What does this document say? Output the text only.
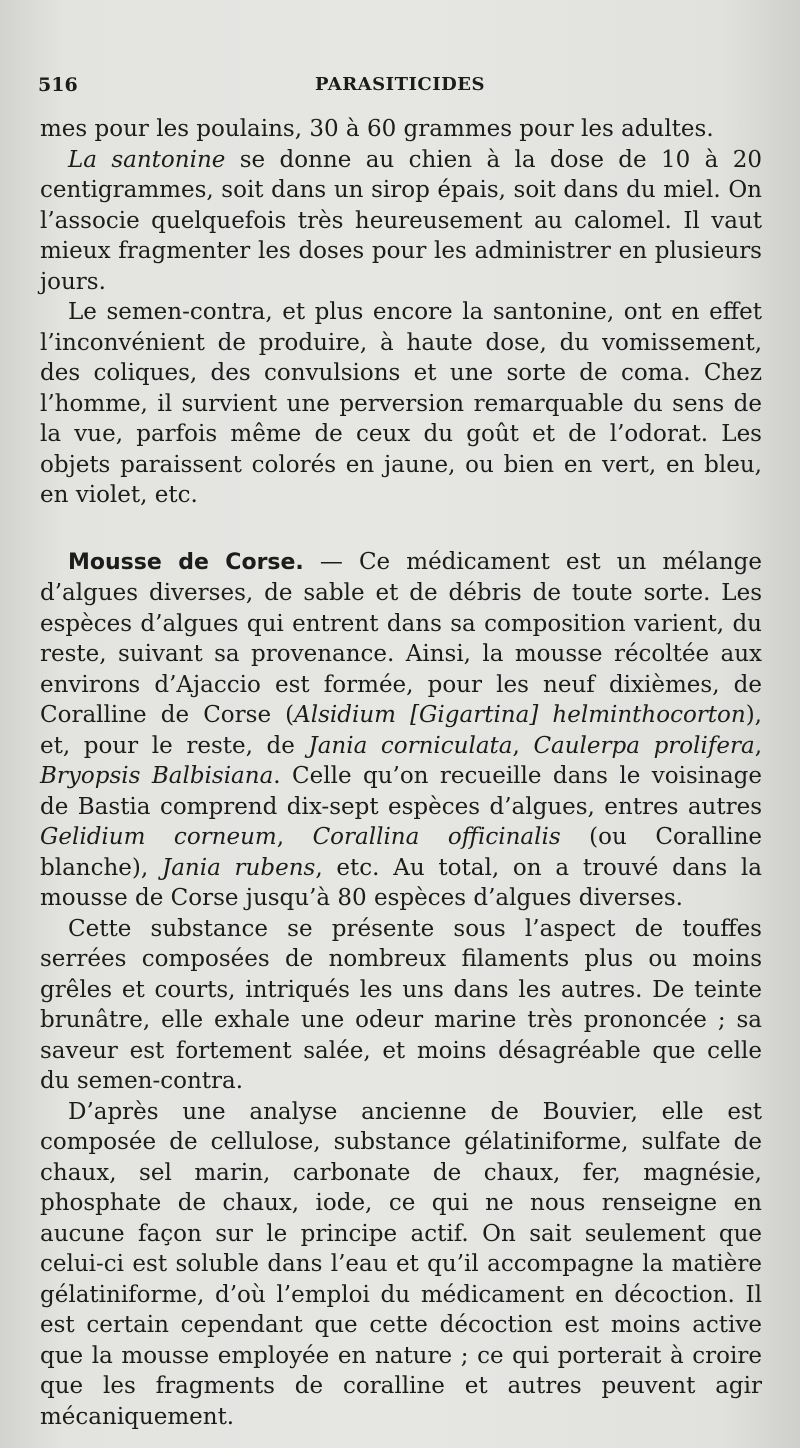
516	PARASITICIDES

mes pour les poulains, 30 à 60 grammes pour les adultes.

La santonine se donne au chien à la dose de 10 à 20 centigrammes, soit dans un sirop épais, soit dans du miel. On l’associe quelquefois très heureusement au calomel. Il vaut mieux fragmenter les doses pour les administrer en plusieurs jours.

Le semen-contra, et plus encore la santonine, ont en effet l’inconvénient de produire, à haute dose, du vomissement, des coliques, des convulsions et une sorte de coma. Chez l’homme, il survient une perversion remarquable du sens de la vue, parfois même de ceux du goût et de l’odorat. Les objets paraissent colorés en jaune, ou bien en vert, en bleu, en violet, etc.

Mousse de Corse. — Ce médicament est un mélange d’algues diverses, de sable et de débris de toute sorte. Les espèces d’algues qui entrent dans sa composition varient, du reste, suivant sa provenance. Ainsi, la mousse récoltée aux environs d’Ajaccio est formée, pour les neuf dixièmes, de Coralline de Corse (Alsidium [Gigartina] helminthocorton), et, pour le reste, de Jania corniculata, Caulerpa prolifera, Bryopsis Balbisiana. Celle qu’on recueille dans le voisinage de Bastia comprend dix-sept espèces d’algues, entres autres Gelidium corneum, Corallina officinalis (ou Coralline blanche), Jania rubens, etc. Au total, on a trouvé dans la mousse de Corse jusqu’à 80 espèces d’algues diverses.

Cette substance se présente sous l’aspect de touffes serrées composées de nombreux filaments plus ou moins grêles et courts, intriqués les uns dans les autres. De teinte brunâtre, elle exhale une odeur marine très prononcée ; sa saveur est fortement salée, et moins désagréable que celle du semen-contra.

D’après une analyse ancienne de Bouvier, elle est composée de cellulose, substance gélatiniforme, sulfate de chaux, sel marin, carbonate de chaux, fer, magnésie, phosphate de chaux, iode, ce qui ne nous renseigne en aucune façon sur le principe actif. On sait seulement que celui-ci est soluble dans l’eau et qu’il accompagne la matière gélatiniforme, d’où l’emploi du médicament en décoction. Il est certain cependant que cette décoction est moins active que la mousse employée en nature ; ce qui porterait à croire que les fragments de coralline et autres peuvent agir mécaniquement.
